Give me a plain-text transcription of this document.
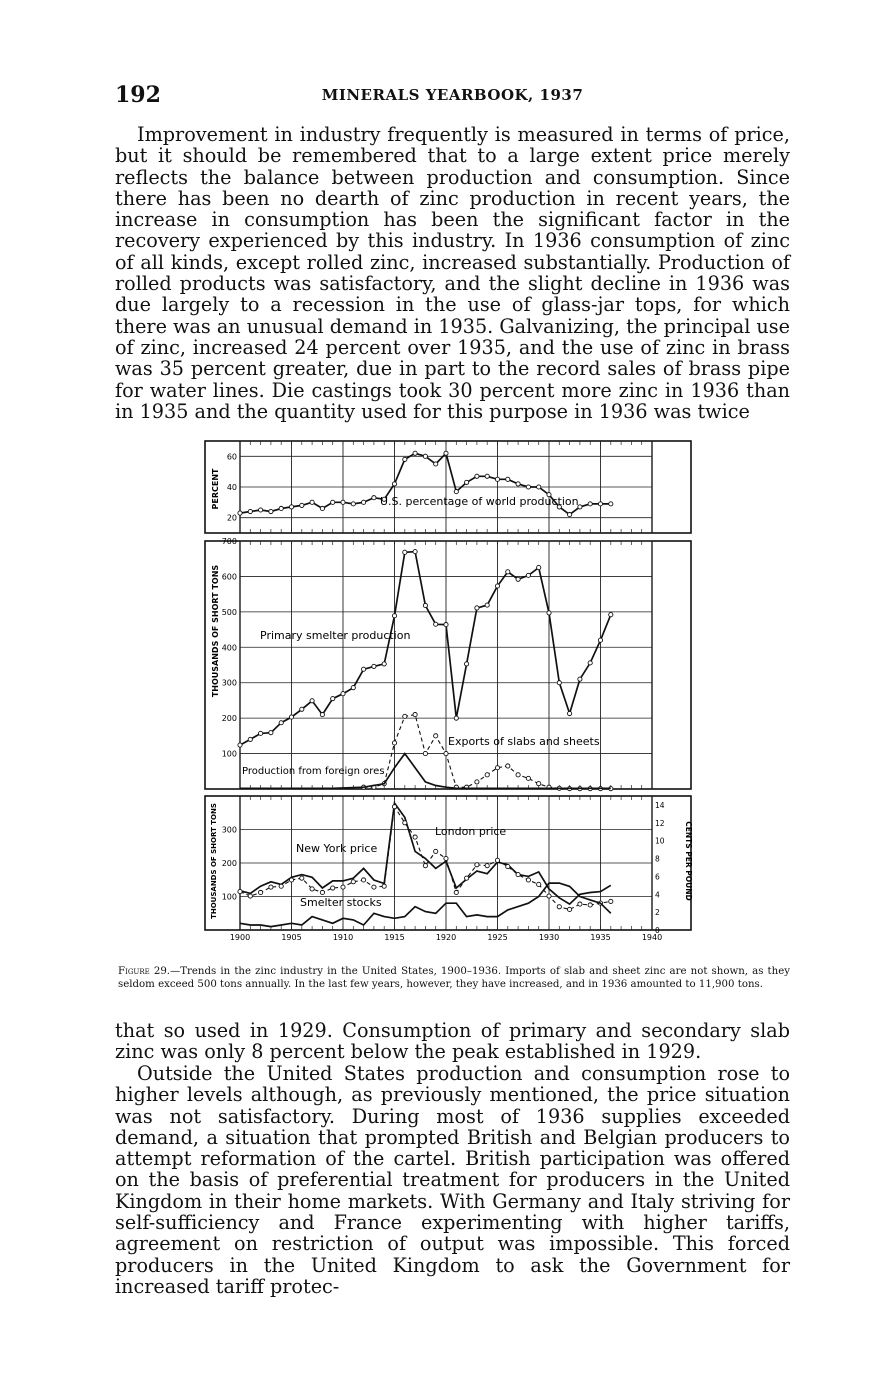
192	MINERALS YEARBOOK, 1937
Improvement in industry frequently is measured in terms of price, but it should be remembered that to a large extent price merely reflects the balance between production and consumption. Since there has been no dearth of zinc production in recent years, the increase in consumption has been the significant factor in the recovery experienced by this industry. In 1936 consumption of zinc of all kinds, except rolled zinc, increased substantially. Production of rolled products was satisfactory, and the slight decline in 1936 was due largely to a recession in the use of glass-jar tops, for which there was an unusual demand in 1935. Galvanizing, the principal use of zinc, increased 24 percent over 1935, and the use of zinc in brass was 35 percent greater, due in part to the record sales of brass pipe for water lines. Die castings took 30 percent more zinc in 1936 than in 1935 and the quantity used for this purpose in 1936 was twice
20
40
60
100
200
300
400
500
600
700
100
200
300
0
2
4
6
8
10
12
14
1900	1905	1910	1915	1920	1925	1930	1935	1940
PERCENT
THOUSANDS OF SHORT TONS
THOUSANDS OF SHORT TONS	CENTS PER POUND
U.S. percentage of world production
Primary smelter production
Exports of slabs and sheets
Production from foreign ores
New York price
London price
Smelter stocks
Figure 29.—Trends in the zinc industry in the United States, 1900–1936. Imports of slab and sheet zinc are not shown, as they seldom exceed 500 tons annually. In the last few years, however, they have increased, and in 1936 amounted to 11,900 tons.
that so used in 1929. Consumption of primary and secondary slab zinc was only 8 percent below the peak established in 1929.
Outside the United States production and consumption rose to higher levels although, as previously mentioned, the price situation was not satisfactory. During most of 1936 supplies exceeded demand, a situation that prompted British and Belgian producers to attempt reformation of the cartel. British participation was offered on the basis of preferential treatment for producers in the United Kingdom in their home markets. With Germany and Italy striving for self-sufficiency and France experimenting with higher tariffs, agreement on restriction of output was impossible. This forced producers in the United Kingdom to ask the Government for increased tariff protec-
